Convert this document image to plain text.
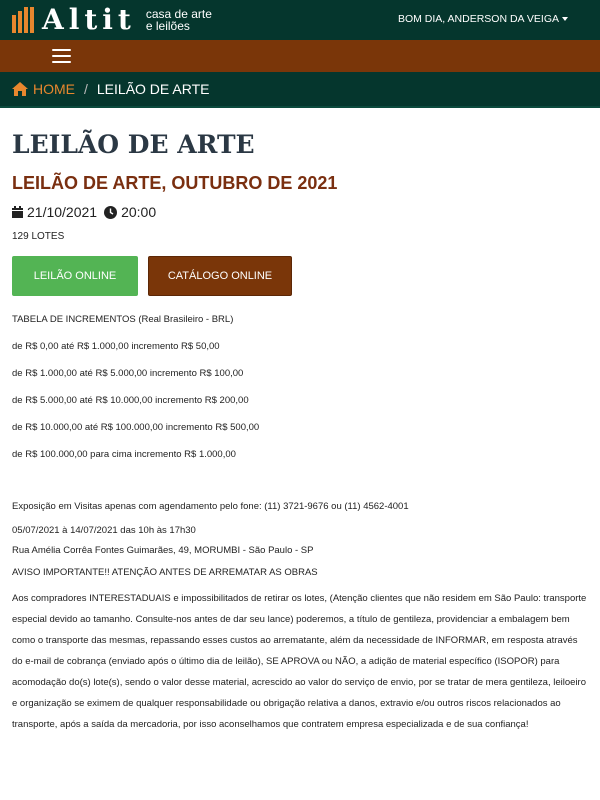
Altit casa de arte
e leilões	BOM DIA, ANDERSON DA VEIGA
HOME / LEILÃO DE ARTE
LEILÃO DE ARTE
LEILÃO DE ARTE, OUTUBRO DE 2021
21/10/2021 20:00
129 LOTES
LEILÃO ONLINE	CATÁLOGO ONLINE

TABELA DE INCREMENTOS (Real Brasileiro - BRL)

de R$ 0,00 até R$ 1.000,00 incremento R$ 50,00

de R$ 1.000,00 até R$ 5.000,00 incremento R$ 100,00

de R$ 5.000,00 até R$ 10.000,00 incremento R$ 200,00

de R$ 10.000,00 até R$ 100.000,00 incremento R$ 500,00

de R$ 100.000,00 para cima incremento R$ 1.000,00

Exposição em Visitas apenas com agendamento pelo fone: (11) 3721-9676 ou (11) 4562-4001

05/07/2021 à 14/07/2021 das 10h às 17h30

Rua Amélia Corrêa Fontes Guimarães, 49, MORUMBI - São Paulo - SP

AVISO IMPORTANTE!! ATENÇÃO ANTES DE ARREMATAR AS OBRAS

Aos compradores INTERESTADUAIS e impossibilitados de retirar os lotes, (Atenção clientes que não residem em São Paulo: transporte especial devido ao tamanho. Consulte-nos antes de dar seu lance) poderemos, a título de gentileza, providenciar a embalagem bem como o transporte das mesmas, repassando esses custos ao arrematante, além da necessidade de INFORMAR, em resposta através do e-mail de cobrança (enviado após o último dia de leilão), SE APROVA ou NÃO, a adição de material específico (ISOPOR) para acomodação do(s) lote(s), sendo o valor desse material, acrescido ao valor do serviço de envio, por se tratar de mera gentileza, leiloeiro e organização se eximem de qualquer responsabilidade ou obrigação relativa a danos, extravio e/ou outros riscos relacionados ao transporte, após a saída da mercadoria, por isso aconselhamos que contratem empresa especializada e de sua confiança!
